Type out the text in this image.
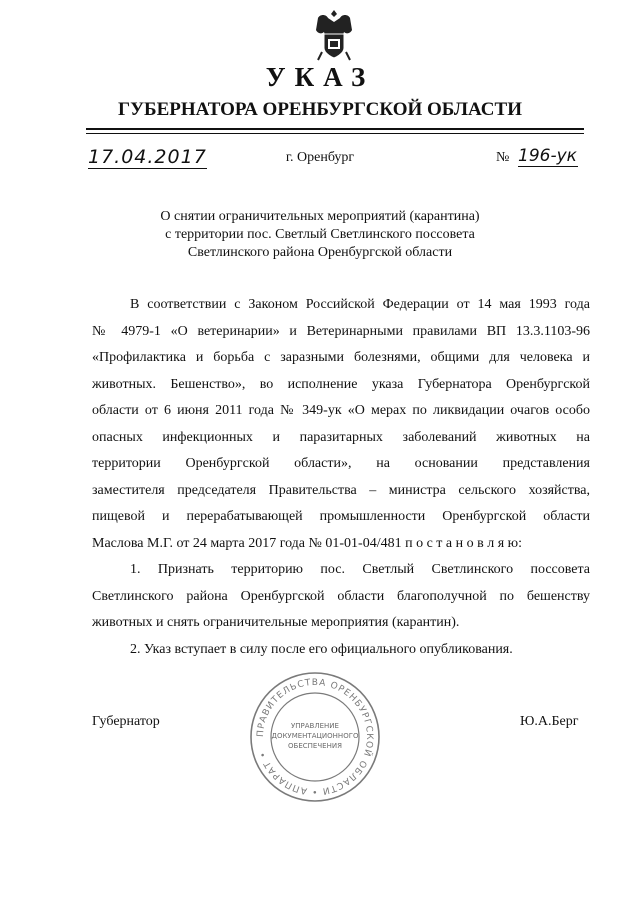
УКАЗ
ГУБЕРНАТОРА ОРЕНБУРГСКОЙ ОБЛАСТИ
17.04.2017	г. Оренбург	№ 196-ук
О снятии ограничительных мероприятий (карантина)
с территории пос. Светлый Светлинского поссовета
Светлинского района Оренбургской области
В соответствии с Законом Российской Федерации от 14 мая 1993 года
№ 4979-1 «О ветеринарии» и Ветеринарными правилами ВП 13.3.1103-96
«Профилактика и борьба с заразными болезнями, общими для человека и
животных. Бешенство», во исполнение указа Губернатора Оренбургской
области от 6 июня 2011 года № 349-ук «О мерах по ликвидации очагов особо
опасных инфекционных и паразитарных заболеваний животных на
территории Оренбургской области», на основании представления
заместителя председателя Правительства – министра сельского хозяйства,
пищевой и перерабатывающей промышленности Оренбургской области
Маслова М.Г. от 24 марта 2017 года № 01-01-04/481 п о с т а н о в л я ю:
1. Признать территорию пос. Светлый Светлинского поссовета
Светлинского района Оренбургской области благополучной по бешенству
животных и снять ограничительные мероприятия (карантин).
2. Указ вступает в силу после его официального опубликования.
Губернатор	Ю.А.Берг
ПРАВИТЕЛЬСТВА ОРЕНБУРГСКОЙ ОБЛАСТИ • АППАРАТ •
УПРАВЛЕНИЕ
ДОКУМЕНТАЦИОННОГО
ОБЕСПЕЧЕНИЯ
